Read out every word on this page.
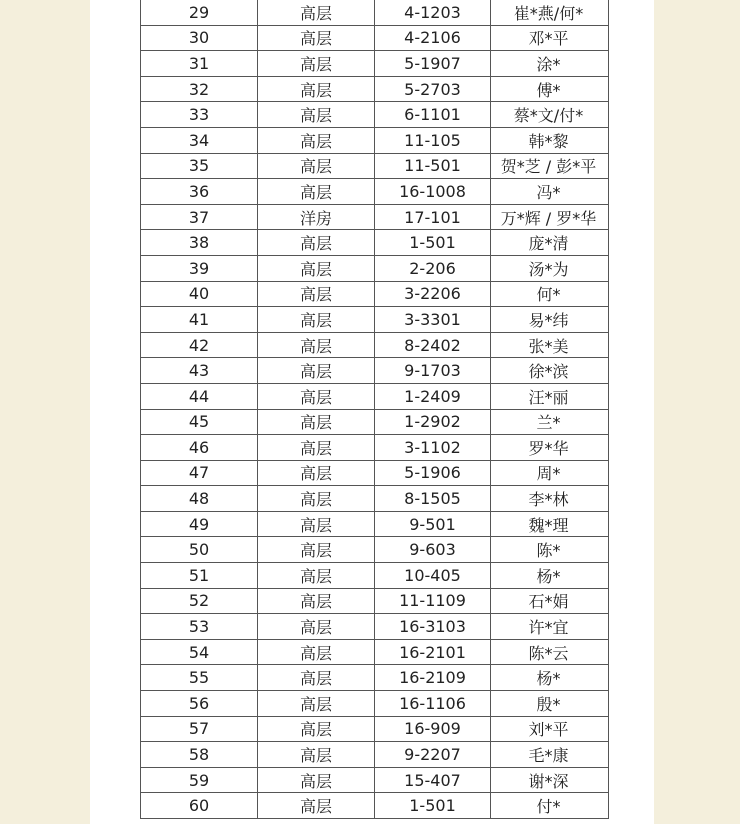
29	高层	4-1203	崔*燕/何*
30	高层	4-2106	邓*平
31	高层	5-1907	涂*
32	高层	5-2703	傅*
33	高层	6-1101	蔡*文/付*
34	高层	11-105	韩*黎
35	高层	11-501	贺*芝 / 彭*平
36	高层	16-1008	冯*
37	洋房	17-101	万*辉 / 罗*华
38	高层	1-501	庞*清
39	高层	2-206	汤*为
40	高层	3-2206	何*
41	高层	3-3301	易*纬
42	高层	8-2402	张*美
43	高层	9-1703	徐*滨
44	高层	1-2409	汪*丽
45	高层	1-2902	兰*
46	高层	3-1102	罗*华
47	高层	5-1906	周*
48	高层	8-1505	李*林
49	高层	9-501	魏*理
50	高层	9-603	陈*
51	高层	10-405	杨*
52	高层	11-1109	石*娟
53	高层	16-3103	许*宜
54	高层	16-2101	陈*云
55	高层	16-2109	杨*
56	高层	16-1106	殷*
57	高层	16-909	刘*平
58	高层	9-2207	毛*康
59	高层	15-407	谢*深
60	高层	1-501	付*
